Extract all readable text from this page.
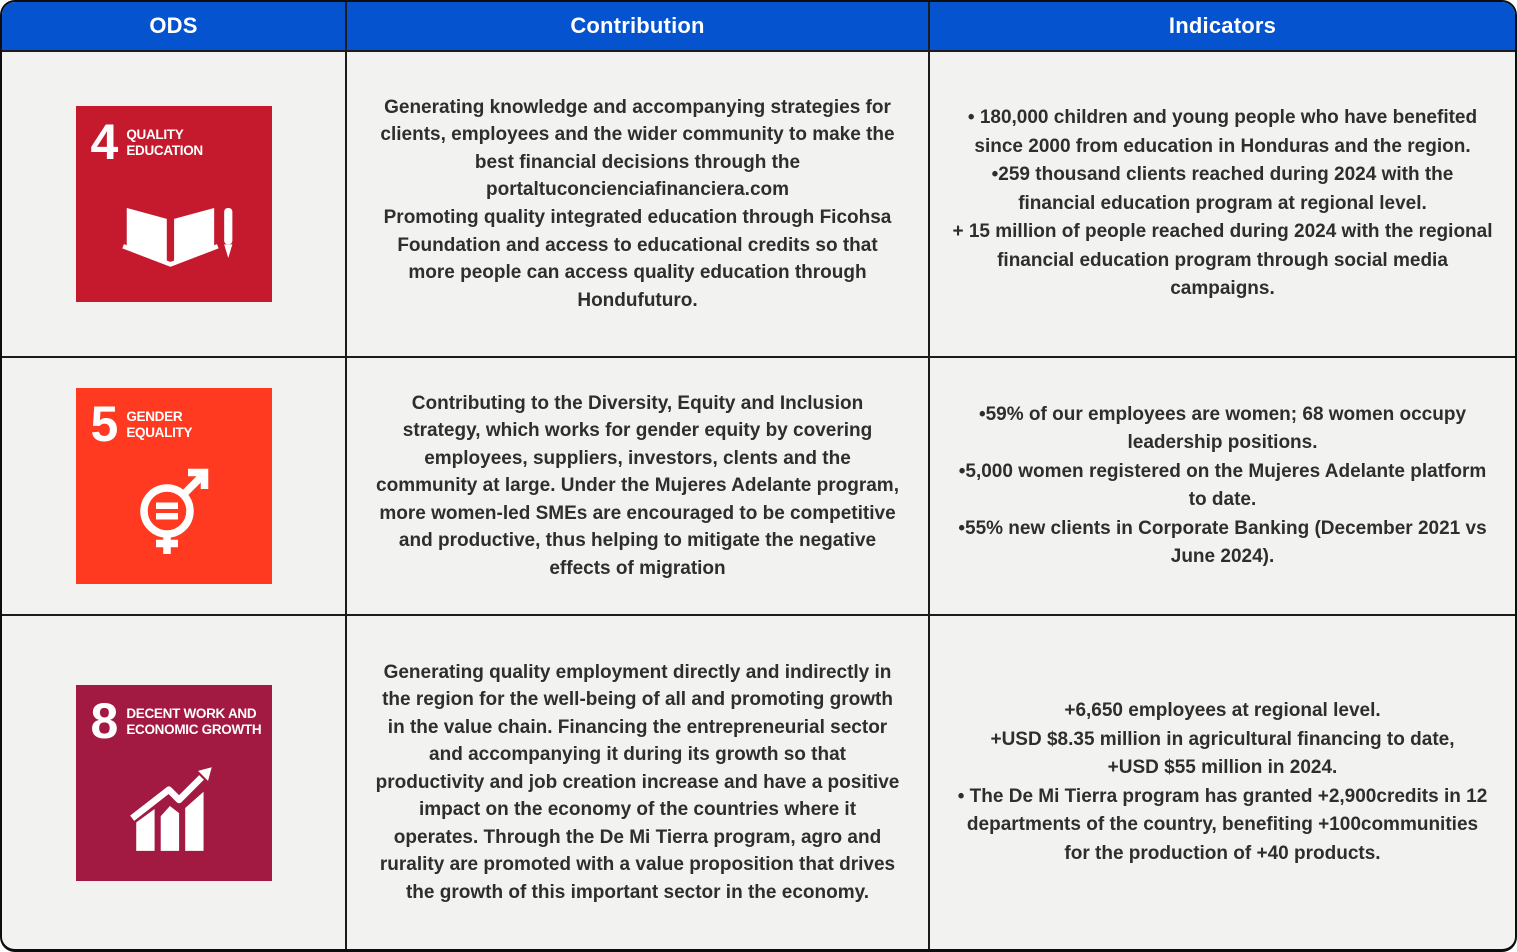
ODS	Contribution	Indicators
4 QUALITY
EDUCATION

Generating knowledge and accompanying strategies for clients, employees and the wider community to make the best financial decisions through the portaltuconcienciafinanciera.com

Promoting quality integrated education through Ficohsa Foundation and access to educational credits so that more people can access quality education through Hondufuturo.

• 180,000 children and young people who have benefited since 2000 from education in Honduras and the region.

•259 thousand clients reached during 2024 with the financial education program at regional level.

+ 15 million of people reached during 2024 with the regional financial education program through social media campaigns.

5 GENDER
EQUALITY

Contributing to the Diversity, Equity and Inclusion strategy, which works for gender equity by covering employees, suppliers, investors, clents and the community at large. Under the Mujeres Adelante program, more women-led SMEs are encouraged to be competitive and productive, thus helping to mitigate the negative effects of migration

•59% of our employees are women; 68 women occupy leadership positions.

•5,000 women registered on the Mujeres Adelante platform to date.

•55% new clients in Corporate Banking (December 2021 vs June 2024).

8 DECENT WORK AND
ECONOMIC GROWTH

Generating quality employment directly and indirectly in the region for the well-being of all and promoting growth in the value chain. Financing the entrepreneurial sector and accompanying it during its growth so that productivity and job creation increase and have a positive impact on the economy of the countries where it operates. Through the De Mi Tierra program, agro and rurality are promoted with a value proposition that drives the growth of this important sector in the economy.

+6,650 employees at regional level.

+USD $8.35 million in agricultural financing to date,

+USD $55 million in 2024.

• The De Mi Tierra program has granted +2,900credits in 12 departments of the country, benefiting +100communities for the production of +40 products.
